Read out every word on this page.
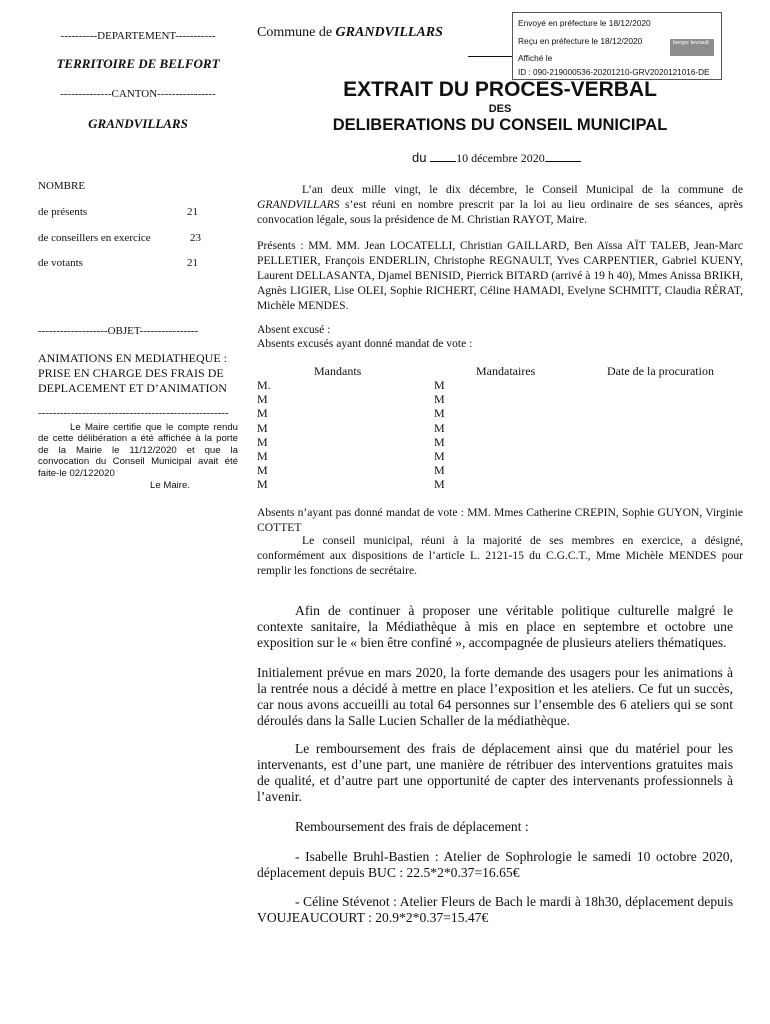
----------DEPARTEMENT-----------
TERRITOIRE DE BELFORT
--------------CANTON----------------
GRANDVILLARS
NOMBRE
de présents	21
de conseillers en exercice	23
de votants	21
-------------------OBJET----------------
ANIMATIONS EN MEDIATHEQUE : PRISE EN CHARGE DES FRAIS DE DEPLACEMENT ET D’ANIMATION
----------------------------------------------------
Le Maire certifie que le compte rendu de cette délibération a été affichée à la porte de la Mairie le 11/12/2020 et que la convocation du Conseil Municipal avait été faite-le 02/122020
Le Maire.
Commune de GRANDVILLARS
Envoyé en préfecture le 18/12/2020
Reçu en préfecture le 18/12/2020
Affiché le
ID : 090-219000536-20201210-GRV2020121016-DE
berger levrault
EXTRAIT DU PROCES-VERBAL
DES
DELIBERATIONS DU CONSEIL MUNICIPAL
du 10 décembre 2020
L’an deux mille vingt, le dix décembre, le Conseil Municipal de la commune de GRANDVILLARS s’est réuni en nombre prescrit par la loi au lieu ordinaire de ses séances, après convocation légale, sous la présidence de M. Christian RAYOT, Maire.
Présents : MM. MM. Jean LOCATELLI, Christian GAILLARD, Ben Aïssa AÏT TALEB, Jean-Marc PELLETIER, François ENDERLIN, Christophe REGNAULT, Yves CARPENTIER, Gabriel KUENY, Laurent DELLASANTA, Djamel BENISID, Pierrick BITARD (arrivé à 19 h 40), Mmes Anissa BRIKH, Agnès LIGIER, Lise OLEI, Sophie RICHERT, Céline HAMADI, Evelyne SCHMITT, Claudia RÉRAT, Michèle MENDES.
Absent excusé :
Absents excusés ayant donné mandat de vote :
Mandants	Mandataires	Date de la procuration
M.	M
M	M
M	M
M	M
M	M
M	M
M	M
M	M
Absents n’ayant pas donné mandat de vote : MM. Mmes Catherine CREPIN, Sophie GUYON, Virginie COTTET
Le conseil municipal, réuni à la majorité de ses membres en exercice, a désigné, conformément aux dispositions de l’article L. 2121-15 du C.G.C.T., Mme Michèle MENDES pour remplir les fonctions de secrétaire.
Afin de continuer à proposer une véritable politique culturelle malgré le contexte sanitaire, la Médiathèque à mis en place en septembre et octobre une exposition sur le « bien être confiné », accompagnée de plusieurs ateliers thématiques.
Initialement prévue en mars 2020, la forte demande des usagers pour les animations à la rentrée nous a décidé à mettre en place l’exposition et les ateliers. Ce fut un succès, car nous avons accueilli au total 64 personnes sur l’ensemble des 6 ateliers qui se sont déroulés dans la Salle Lucien Schaller de la médiathèque.
Le remboursement des frais de déplacement ainsi que du matériel pour les intervenants, est d’une part, une manière de rétribuer des interventions gratuites mais de qualité, et d’autre part une opportunité de capter des intervenants professionnels à l’avenir.
Remboursement des frais de déplacement :
- Isabelle Bruhl-Bastien : Atelier de Sophrologie le samedi 10 octobre 2020, déplacement depuis BUC : 22.5*2*0.37=16.65€
- Céline Stévenot : Atelier Fleurs de Bach le mardi à 18h30, déplacement depuis VOUJEAUCOURT : 20.9*2*0.37=15.47€
